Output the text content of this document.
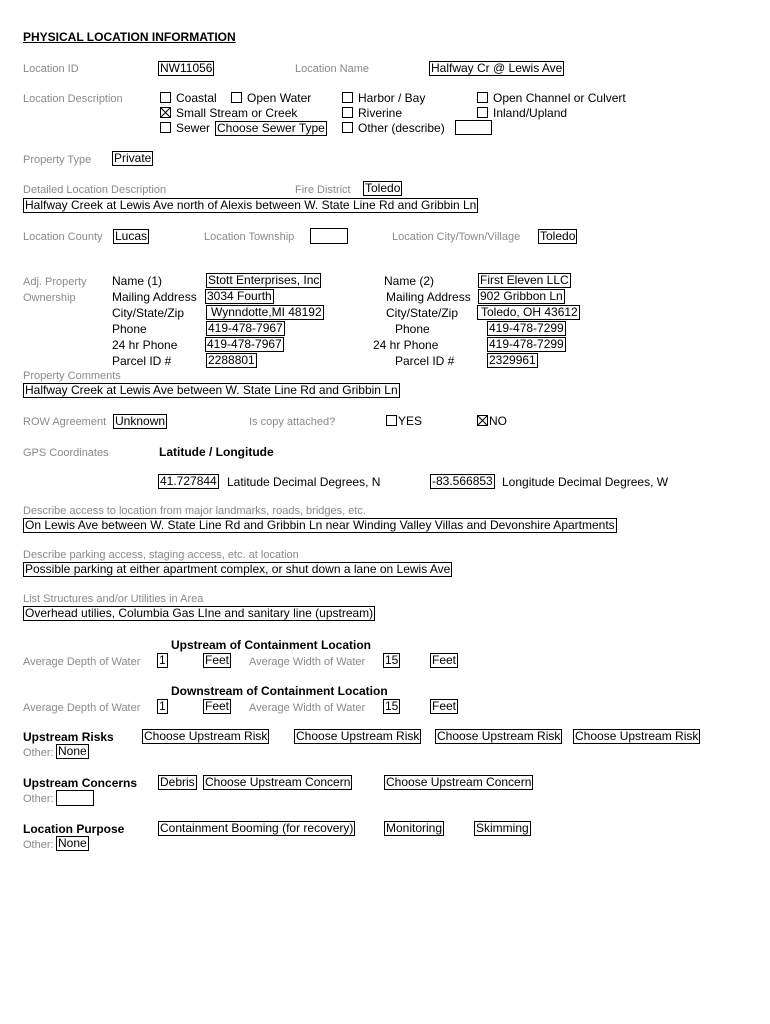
PHYSICAL LOCATION INFORMATION
Location ID	NW11056	Location Name	Halfway Cr @ Lewis Ave
Location Description	Coastal	Open Water	Harbor / Bay	Open Channel or Culvert
Small Stream or Creek	Riverine	Inland/Upland
Sewer Choose Sewer Type	Other (describe)
Property Type Private
Detailed Location Description	Fire District Toledo
Halfway Creek at Lewis Ave north of Alexis between W. State Line Rd and Gribbin Ln
Location County Lucas	Location Township	Location City/Town/Village Toledo
Adj. Property
Ownership
Name (1)	Stott Enterprises, Inc
Mailing Address 3034 Fourth
City/State/Zip	Wynndotte,MI 48192
Phone	419-478-7967
24 hr Phone 419-478-7967
Parcel ID #	2288801
Name (2)	First Eleven LLC
Mailing Address 902 Gribbon Ln
City/State/Zip	Toledo, OH 43612
Phone	419-478-7299
24 hr Phone	419-478-7299
Parcel ID #	2329961
Property Comments
Halfway Creek at Lewis Ave between W. State Line Rd and Gribbin Ln
ROW Agreement Unknown	Is copy attached?	YES	NO
GPS Coordinates	Latitude / Longitude
41.727844 Latitude Decimal Degrees, N	-83.566853 Longitude Decimal Degrees, W
Describe access to location from major landmarks, roads, bridges, etc.
On Lewis Ave between W. State Line Rd and Gribbin Ln near Winding Valley Villas and Devonshire Apartments
Describe parking access, staging access, etc. at location
Possible parking at either apartment complex, or shut down a lane on Lewis Ave
List Structures and/or Utilities in Area
Overhead utilies, Columbia Gas LIne and sanitary line (upstream)
Upstream of Containment Location
Average Depth of Water 1	Feet Average Width of Water 15	Feet
Downstream of Containment Location
Average Depth of Water 1	Feet Average Width of Water 15	Feet
Upstream Risks	Choose Upstream Risk Choose Upstream Risk Choose Upstream Risk Choose Upstream Risk
Other: None
Upstream Concerns Debris Choose Upstream Concern	Choose Upstream Concern
Other:
Location Purpose	Containment Booming (for recovery)	Monitoring	Skimming
Other: None
